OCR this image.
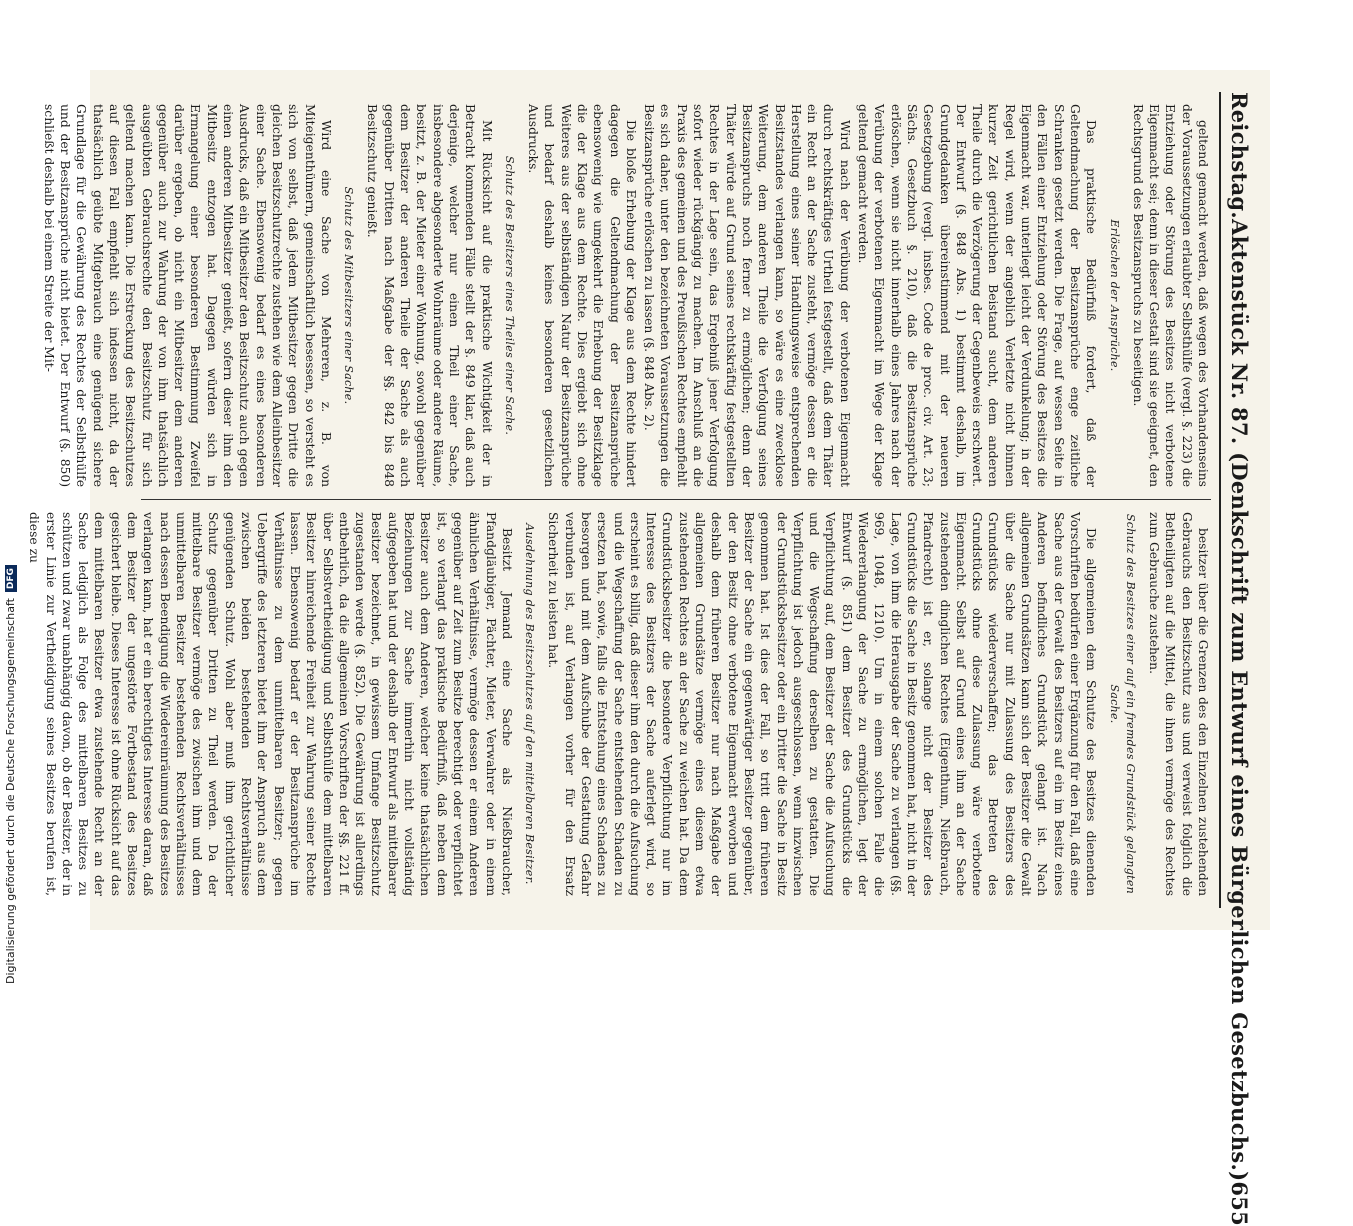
Digitalisierung gefördert durch die Deutsche Forschungsgemeinschaft
DFG
Reichstag.
Aktenstück Nr. 87. (Denkschrift zum Entwurf eines Bürgerlichen Gesetzbuchs.)
655

geltend gemacht werden, daß wegen des Vorhandenseins der Voraussetzungen erlaubter Selbsthülfe (vergl. §. 223) die Entziehung oder Störung des Besitzes nicht verbotene Eigenmacht sei; denn in dieser Gestalt sind sie geeignet, den Rechtsgrund des Besitzanspruchs zu beseitigen.

Erlöschen der Ansprüche.

Das praktische Bedürfniß fordert, daß der Geltendmachung der Besitzansprüche enge zeitliche Schranken gesetzt werden. Die Frage, auf wessen Seite in den Fällen einer Entziehung oder Störung des Besitzes die Eigenmacht war, unterliegt leicht der Verdunkelung; in der Regel wird, wenn der angeblich Verletzte nicht binnen kurzer Zeit gerichtlichen Beistand sucht, dem anderen Theile durch die Verzögerung der Gegenbeweis erschwert. Der Entwurf (§. 848 Abs. 1) bestimmt deshalb, im Grundgedanken übereinstimmend mit der neueren Gesetzgebung (vergl. insbes. Code de proc. civ. Art. 23; Sächs. Gesetzbuch §. 210), daß die Besitzansprüche erlöschen, wenn sie nicht innerhalb eines Jahres nach der Verübung der verbotenen Eigenmacht im Wege der Klage geltend gemacht werden.

Wird nach der Verübung der verbotenen Eigenmacht durch rechtskräftiges Urtheil festgestellt, daß dem Thäter ein Recht an der Sache zusteht, vermöge dessen er die Herstellung eines seiner Handlungsweise entsprechenden Besitzstandes verlangen kann, so wäre es eine zwecklose Weiterung, dem anderen Theile die Verfolgung seines Besitzanspruchs noch ferner zu ermöglichen; denn der Thäter würde auf Grund seines rechtskräftig festgestellten Rechtes in der Lage sein, das Ergebniß jener Verfolgung sofort wieder rückgängig zu machen. Im Anschluß an die Praxis des gemeinen und des Preußischen Rechtes empfiehlt es sich daher, unter den bezeichneten Voraussetzungen die Besitzansprüche erlöschen zu lassen (§. 848 Abs. 2).

Die bloße Erhebung der Klage aus dem Rechte hindert dagegen die Geltendmachung der Besitzansprüche ebensowenig wie umgekehrt die Erhebung der Besitzklage die der Klage aus dem Rechte. Dies ergiebt sich ohne Weiteres aus der selbständigen Natur der Besitzansprüche und bedarf deshalb keines besonderen gesetzlichen Ausdrucks.

Schutz des Besitzers eines Theiles einer Sache.

Mit Rücksicht auf die praktische Wichtigkeit der in Betracht kommenden Fälle stellt der §. 849 klar, daß auch derjenige, welcher nur einen Theil einer Sache, insbesondere abgesonderte Wohnräume oder andere Räume, besitzt, z. B. der Mieter einer Wohnung, sowohl gegenüber dem Besitzer der anderen Theile der Sache als auch gegenüber Dritten nach Maßgabe der §§. 842 bis 848 Besitzschutz genießt.

Schutz des Mitbesitzers einer Sache.

Wird eine Sache von Mehreren, z. B. von Miteigenthümern, gemeinschaftlich besessen, so versteht es sich von selbst, daß jedem Mitbesitzer gegen Dritte die gleichen Besitzschutzrechte zustehen wie dem Alleinbesitzer einer Sache. Ebensowenig bedarf es eines besonderen Ausdrucks, daß ein Mitbesitzer den Besitzschutz auch gegen einen anderen Mitbesitzer genießt, sofern dieser ihm den Mitbesitz entzogen hat. Dagegen würden sich in Ermangelung einer besonderen Bestimmung Zweifel darüber ergeben, ob nicht ein Mitbesitzer dem anderen gegenüber auch zur Wahrung der von ihm thatsächlich ausgeübten Gebrauchsrechte den Besitzschutz für sich geltend machen kann. Die Erstreckung des Besitzschutzes auf diesen Fall empfiehlt sich indessen nicht, da der thatsächlich geübte Mitgebrauch eine genügend sichere Grundlage für die Gewährung des Rechtes der Selbsthülfe und der Besitzansprüche nicht bietet. Der Entwurf (§. 850) schließt deshalb bei einem Streite der Mit-

besitzer über die Grenzen des den Einzelnen zustehenden Gebrauchs den Besitzschutz aus und verweist folglich die Betheiligten auf die Mittel, die ihnen vermöge des Rechtes zum Gebrauche zustehen.

Schutz des Besitzes einer auf ein fremdes Grundstück gelangten Sache.

Die allgemeinen dem Schutze des Besitzes dienenden Vorschriften bedürfen einer Ergänzung für den Fall, daß eine Sache aus der Gewalt des Besitzers auf ein im Besitz eines Anderen befindliches Grundstück gelangt ist. Nach allgemeinen Grundsätzen kann sich der Besitzer die Gewalt über die Sache nur mit Zulassung des Besitzers des Grundstücks wiederverschaffen; das Betreten des Grundstücks ohne diese Zulassung wäre verbotene Eigenmacht. Selbst auf Grund eines ihm an der Sache zustehenden dinglichen Rechtes (Eigenthum, Nießbrauch, Pfandrecht) ist er, solange nicht der Besitzer des Grundstücks die Sache in Besitz genommen hat, nicht in der Lage, von ihm die Herausgabe der Sache zu verlangen (§§. 969, 1048, 1210). Um in einem solchen Falle die Wiedererlangung der Sache zu ermöglichen, legt der Entwurf (§. 851) dem Besitzer des Grundstücks die Verpflichtung auf, dem Besitzer der Sache die Aufsuchung und die Wegschaffung derselben zu gestatten. Die Verpflichtung ist jedoch ausgeschlossen, wenn inzwischen der Grundstücksbesitzer oder ein Dritter die Sache in Besitz genommen hat. Ist dies der Fall, so tritt dem früheren Besitzer der Sache ein gegenwärtiger Besitzer gegenüber, der den Besitz ohne verbotene Eigenmacht erworben und deshalb dem früheren Besitzer nur nach Maßgabe der allgemeinen Grundsätze vermöge eines diesem etwa zustehenden Rechtes an der Sache zu weichen hat. Da dem Grundstücksbesitzer die besondere Verpflichtung nur im Interesse des Besitzers der Sache auferlegt wird, so erscheint es billig, daß dieser ihm den durch die Aufsuchung und die Wegschaffung der Sache entstehenden Schaden zu ersetzen hat, sowie, falls die Entstehung eines Schadens zu besorgen und mit dem Aufschube der Gestattung Gefahr verbunden ist, auf Verlangen vorher für den Ersatz Sicherheit zu leisten hat.

Ausdehnung des Besitzschutzes auf den mittelbaren Besitzer.

Besitzt Jemand eine Sache als Nießbraucher, Pfandgläubiger, Pächter, Mieter, Verwahrer oder in einem ähnlichen Verhältnisse, vermöge dessen er einem Anderen gegenüber auf Zeit zum Besitze berechtigt oder verpflichtet ist, so verlangt das praktische Bedürfniß, daß neben dem Besitzer auch dem Anderen, welcher keine thatsächlichen Beziehungen zur Sache immerhin nicht vollständig aufgegeben hat und der deshalb der Entwurf als mittelbarer Besitzer bezeichnet, in gewissem Umfange Besitzschutz zugestanden werde (§. 852). Die Gewährung ist allerdings entbehrlich, da die allgemeinen Vorschriften der §§. 221 ff. über Selbstvertheidigung und Selbsthülfe dem mittelbaren Besitzer hinreichende Freiheit zur Wahrung seiner Rechte lassen. Ebensowenig bedarf er der Besitzansprüche im Verhältnisse zu dem unmittelbaren Besitzer; gegen Uebergriffe des letzteren bietet ihm der Anspruch aus dem zwischen beiden bestehenden Rechtsverhältnisse genügenden Schutz. Wohl aber muß ihm gerichtlicher Schutz gegenüber Dritten zu Theil werden. Da der mittelbare Besitzer vermöge des zwischen ihm und dem unmittelbaren Besitzer bestehenden Rechtsverhältnisses nach dessen Beendigung die Wiedereinräumung des Besitzes verlangen kann, hat er ein berechtigtes Interesse daran, daß dem Besitzer der ungestörte Fortbestand des Besitzes gesichert bleibe. Dieses Interesse ist ohne Rücksicht auf das dem mittelbaren Besitzer etwa zustehende Recht an der Sache lediglich als Folge des mittelbaren Besitzes zu schützen und zwar unabhängig davon, ob der Besitzer, der in erster Linie zur Vertheidigung seines Besitzes berufen ist, diese zu
